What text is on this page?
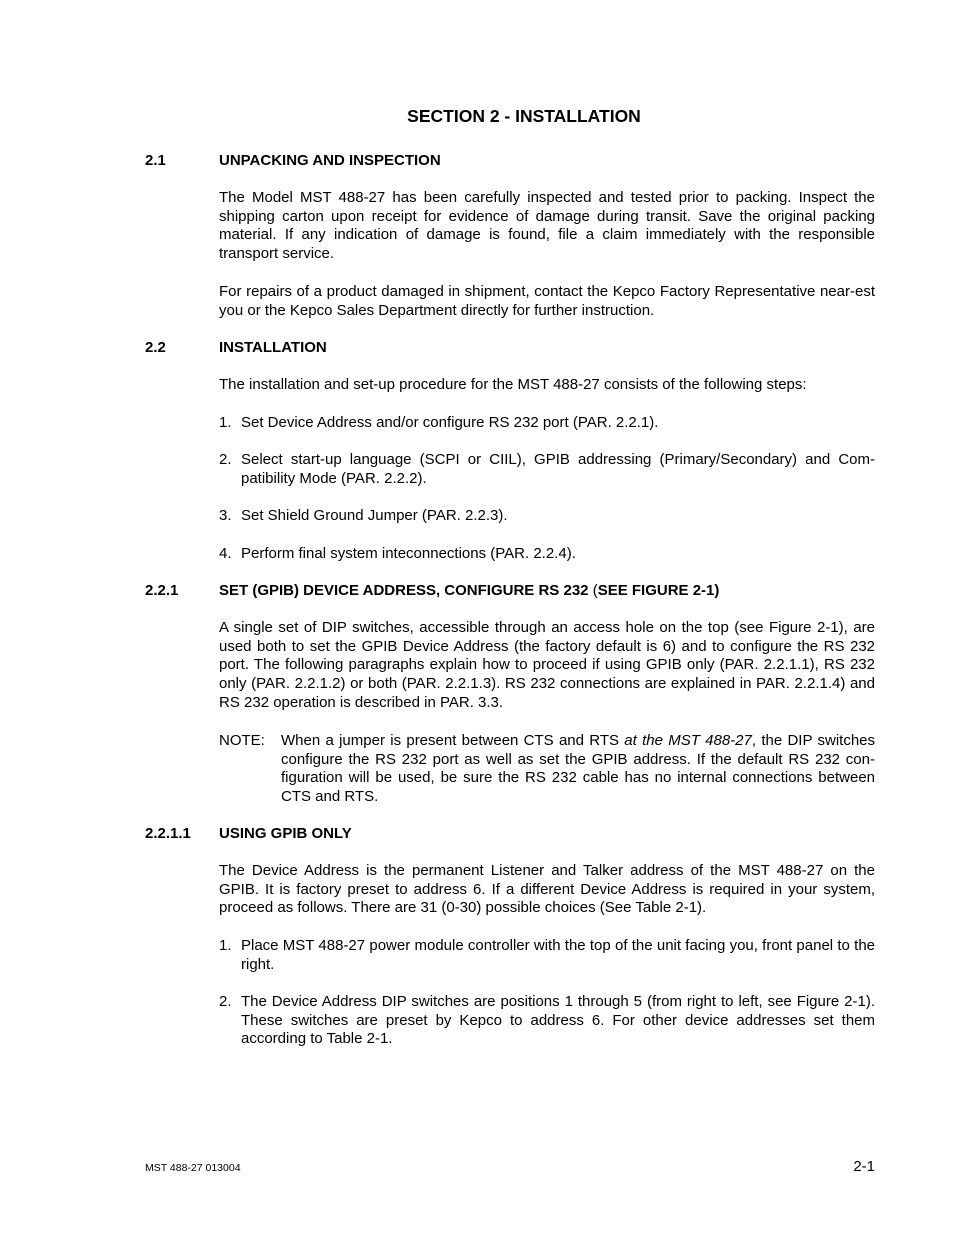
SECTION 2 - INSTALLATION
2.1	UNPACKING AND INSPECTION
The Model MST 488-27 has been carefully inspected and tested prior to packing. Inspect the shipping carton upon receipt for evidence of damage during transit. Save the original packing material. If any indication of damage is found, file a claim immediately with the responsible transport service.
For repairs of a product damaged in shipment, contact the Kepco Factory Representative near-est you or the Kepco Sales Department directly for further instruction.
2.2	INSTALLATION
The installation and set-up procedure for the MST 488-27 consists of the following steps:
1. Set Device Address and/or configure RS 232 port (PAR. 2.2.1).
2. Select start-up language (SCPI or CIIL), GPIB addressing (Primary/Secondary) and Com-patibility Mode (PAR. 2.2.2).
3. Set Shield Ground Jumper (PAR. 2.2.3).
4. Perform final system inteconnections (PAR. 2.2.4).
2.2.1	SET (GPIB) DEVICE ADDRESS, CONFIGURE RS 232 (SEE FIGURE 2-1)
A single set of DIP switches, accessible through an access hole on the top (see Figure 2-1), are used both to set the GPIB Device Address (the factory default is 6) and to configure the RS 232 port. The following paragraphs explain how to proceed if using GPIB only (PAR. 2.2.1.1), RS 232 only (PAR. 2.2.1.2) or both (PAR. 2.2.1.3). RS 232 connections are explained in PAR. 2.2.1.4) and RS 232 operation is described in PAR. 3.3.
NOTE: When a jumper is present between CTS and RTS at the MST 488-27, the DIP switches configure the RS 232 port as well as set the GPIB address. If the default RS 232 con-figuration will be used, be sure the RS 232 cable has no internal connections between CTS and RTS.
2.2.1.1 USING GPIB ONLY
The Device Address is the permanent Listener and Talker address of the MST 488-27 on the GPIB. It is factory preset to address 6. If a different Device Address is required in your system, proceed as follows. There are 31 (0-30) possible choices (See Table 2-1).
1. Place MST 488-27 power module controller with the top of the unit facing you, front panel to the right.
2. The Device Address DIP switches are positions 1 through 5 (from right to left, see Figure 2-1). These switches are preset by Kepco to address 6. For other device addresses set them according to Table 2-1.
MST 488-27 013004	2-1
